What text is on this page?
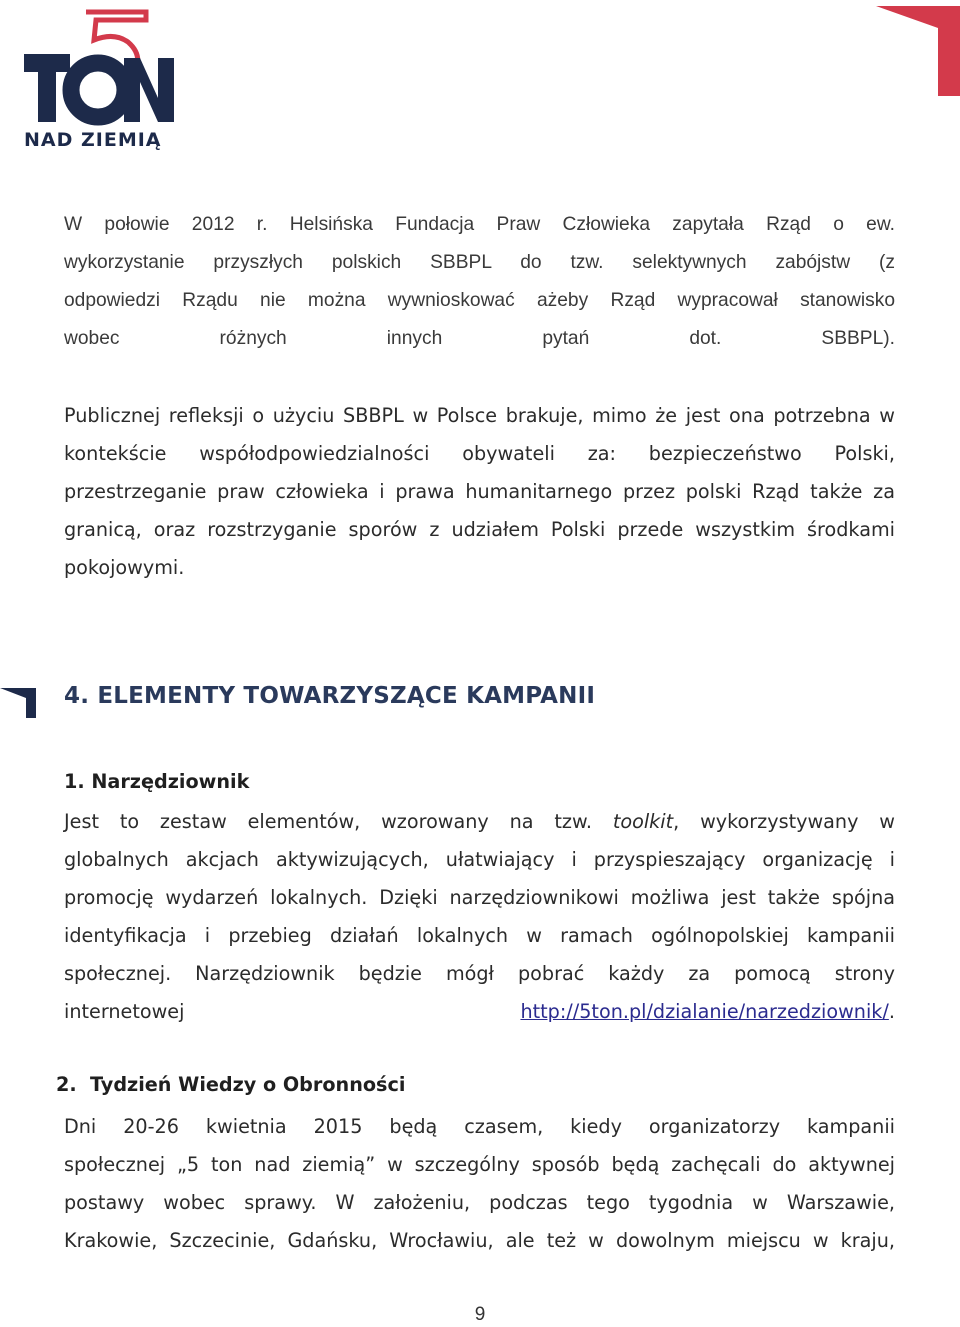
NAD ZIEMIĄ
W połowie 2012 r. Helsińska Fundacja Praw Człowieka zapytała Rząd o ew.
wykorzystanie przyszłych polskich SBBPL do tzw. selektywnych zabójstw (z
odpowiedzi Rządu nie można wywnioskować ażeby Rząd wypracował stanowisko
wobec różnych innych pytań dot. SBBPL).
Publicznej refleksji o użyciu SBBPL w Polsce brakuje, mimo że jest ona potrzebna w
kontekście współodpowiedzialności obywateli za: bezpieczeństwo Polski,
przestrzeganie praw człowieka i prawa humanitarnego przez polski Rząd także za
granicą, oraz rozstrzyganie sporów z udziałem Polski przede wszystkim środkami
pokojowymi.
4. ELEMENTY TOWARZYSZĄCE KAMPANII
1. Narzędziownik
Jest to zestaw elementów, wzorowany na tzw. toolkit, wykorzystywany w
globalnych akcjach aktywizujących, ułatwiający i przyspieszający organizację i
promocję wydarzeń lokalnych. Dzięki narzędziownikowi możliwa jest także spójna
identyfikacja i przebieg działań lokalnych w ramach ogólnopolskiej kampanii
społecznej. Narzędziownik będzie mógł pobrać każdy za pomocą strony
internetowej http://5ton.pl/dzialanie/narzedziownik/.
2. Tydzień Wiedzy o Obronności
Dni 20-26 kwietnia 2015 będą czasem, kiedy organizatorzy kampanii
społecznej „5 ton nad ziemią” w szczególny sposób będą zachęcali do aktywnej
postawy wobec sprawy. W założeniu, podczas tego tygodnia w Warszawie,
Krakowie, Szczecinie, Gdańsku, Wrocławiu, ale też w dowolnym miejscu w kraju,
9
